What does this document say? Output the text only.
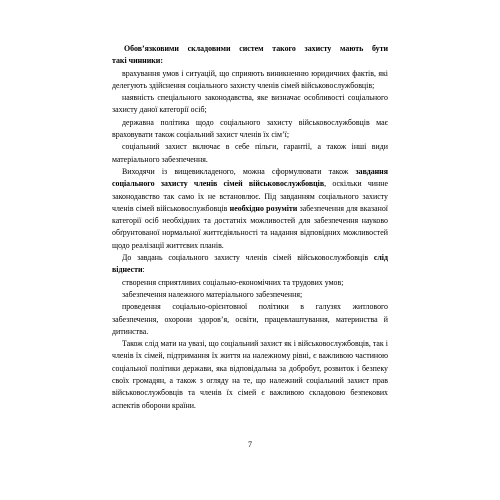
Обов’язковими складовими систем такого захисту мають бути

такі чинники:

врахування умов і ситуацій, що сприяють виникненню юридичних фактів, які делегують здійснення соціального захисту членів сімей військовослужбовців;

наявність спеціального законодавства, яке визначає особливості соціального захисту даної категорії осіб;

державна політика щодо соціального захисту військовослужбовців має враховувати також соціальний захист членів їх сім’ї;

соціальний захист включає в себе пільги, гарантії, а також інші види матеріального забезпечення.

Виходячи із вищевикладеного, можна сформулювати також завдання соціального захисту членів сімей військовослужбовців, оскільки чинне законодавство так само їх не встановлює. Під завданням соціального захисту членів сімей військовослужбовців необхідно розуміти забезпечення для вказаної категорії осіб необхідних та достатніх можливостей для забезпечення науково обґрунтованої нормальної життєдіяльності та надання відповідних можливостей щодо реалізації життєвих планів.

До завдань соціального захисту членів сімей військовослужбовців слід віднести:

створення сприятливих соціально-економічних та трудових умов;

забезпечення належного матеріального забезпечення;

проведення соціально-орієнтовної політики в галузях житлового забезпечення, охорони здоров’я, освіти, працевлаштування, материнства й дитинства.

Також слід мати на увазі, що соціальний захист як і військовослужбовців, так і членів їх сімей, підтримання їх життя на належному рівні, є важливою частиною соціальної політики держави, яка відповідальна за добробут, розвиток і безпеку своїх громадян, а також з огляду на те, що належний соціальний захист прав військовослужбовців та членів їх сімей є важливою складовою безпекових аспектів оборони країни.

7
